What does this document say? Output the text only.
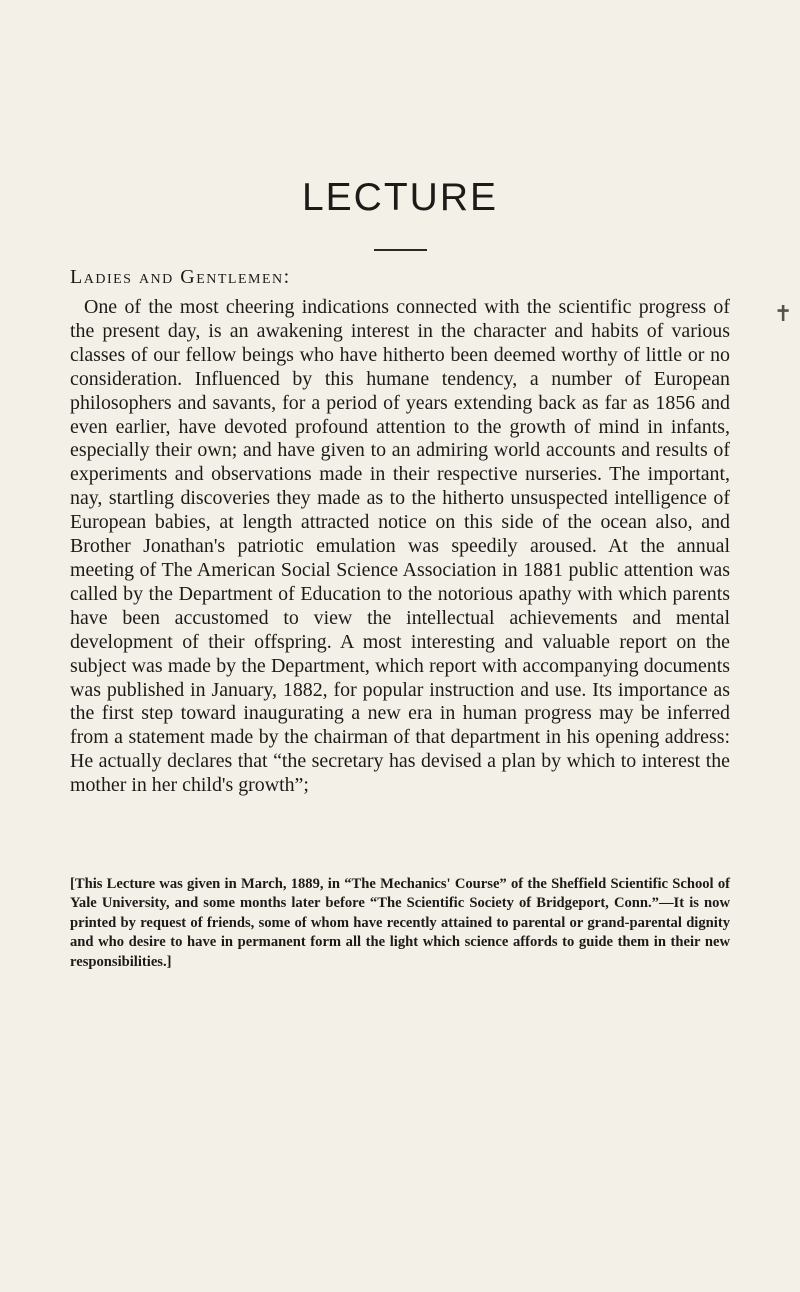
LECTURE
Ladies and Gentlemen:

One of the most cheering indications connected with the scientific progress of the present day, is an awakening interest in the character and habits of various classes of our fellow beings who have hitherto been deemed worthy of little or no consideration. Influenced by this humane tendency, a number of European philosophers and savants, for a period of years extending back as far as 1856 and even earlier, have devoted profound attention to the growth of mind in infants, especially their own; and have given to an admiring world accounts and results of experiments and observations made in their respective nurseries. The important, nay, startling discoveries they made as to the hitherto unsuspected intelligence of European babies, at length attracted notice on this side of the ocean also, and Brother Jonathan's patriotic emulation was speedily aroused. At the annual meeting of The American Social Science Association in 1881 public attention was called by the Department of Education to the notorious apathy with which parents have been accustomed to view the intellectual achievements and mental development of their offspring. A most interesting and valuable report on the subject was made by the Department, which report with accompanying documents was published in January, 1882, for popular instruction and use. Its importance as the first step toward inaugurating a new era in human progress may be inferred from a statement made by the chairman of that department in his opening address: He actually declares that “the secretary has devised a plan by which to interest the mother in her child's growth”;

[This Lecture was given in March, 1889, in “The Mechanics' Course” of the Sheffield Scientific School of Yale University, and some months later before “The Scientific Society of Bridgeport, Conn.”—It is now printed by request of friends, some of whom have recently attained to parental or grand-parental dignity and who desire to have in permanent form all the light which science affords to guide them in their new responsibilities.]

✝
